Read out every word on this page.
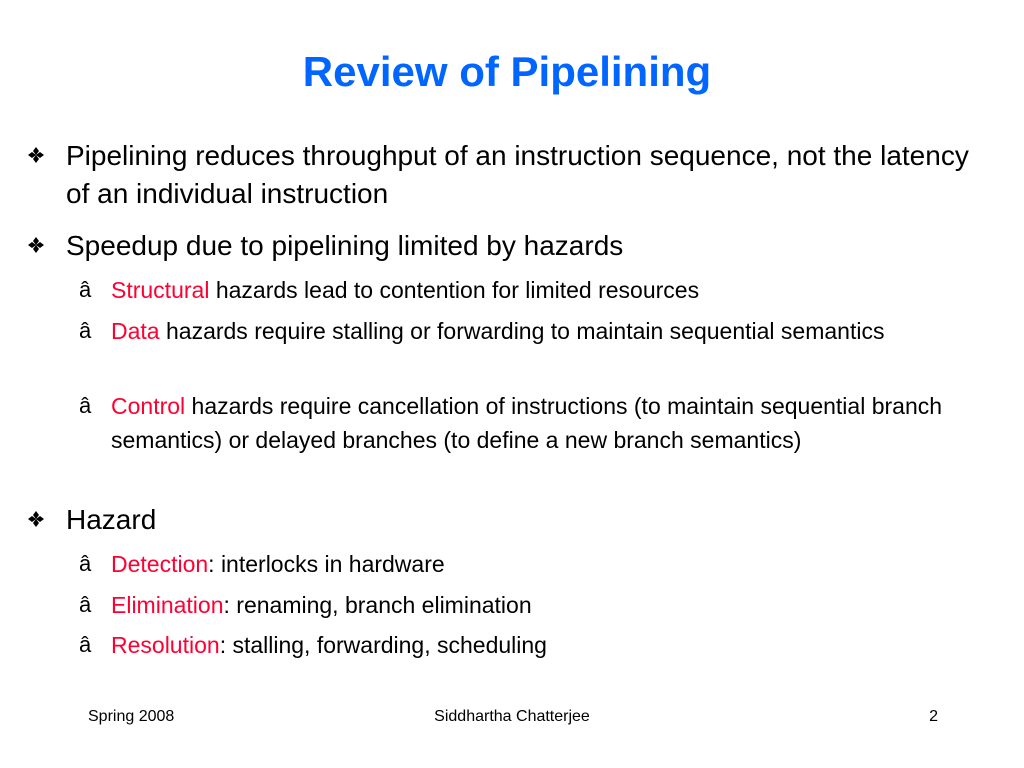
Review of Pipelining
Pipelining reduces throughput of an instruction sequence, not the latency of an individual instruction
Speedup due to pipelining limited by hazards
â Structural hazards lead to contention for limited resources
â Data hazards require stalling or forwarding to maintain sequential semantics
â Control hazards require cancellation of instructions (to maintain sequential branch semantics) or delayed branches (to define a new branch semantics)
Hazard
â Detection: interlocks in hardware
â Elimination: renaming, branch elimination
â Resolution: stalling, forwarding, scheduling
Spring 2008	Siddhartha Chatterjee	2
